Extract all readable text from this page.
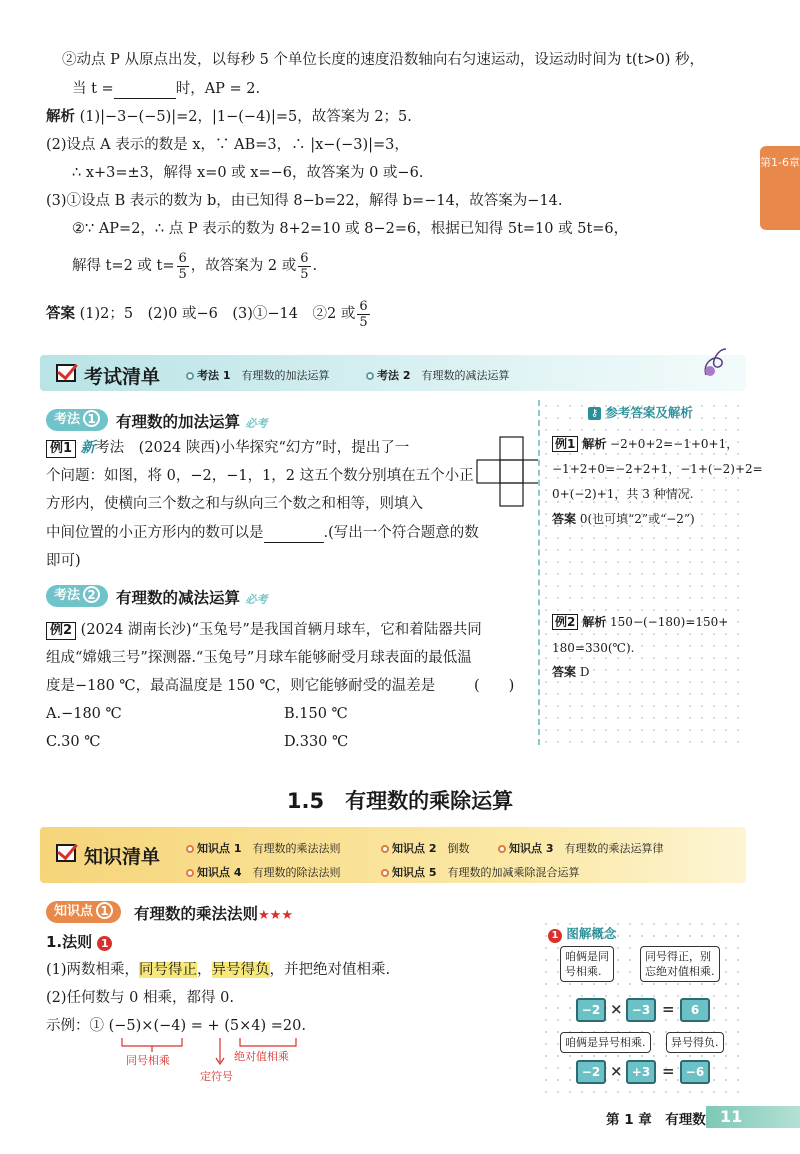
第1-6章
②动点 P 从原点出发，以每秒 5 个单位长度的速度沿数轴向右匀速运动，设运动时间为 t(t>0) 秒，
当 t =	时，AP = 2.
解析 (1)|−3−(−5)|=2，|1−(−4)|=5，故答案为 2；5.
(2)设点 A 表示的数是 x，∵ AB=3，∴ |x−(−3)|=3，
∴ x+3=±3，解得 x=0 或 x=−6，故答案为 0 或−6.
(3)①设点 B 表示的数为 b，由已知得 8−b=22，解得 b=−14，故答案为−14.
②∵ AP=2，∴ 点 P 表示的数为 8+2=10 或 8−2=6，根据已知得 5t=10 或 5t=6，
解得 t=2 或 $t= \frac{6}{5}$ ，故答案为 2 或 $\frac{6}{5}$ .
答案 (1)2；5　(2)0 或−6　(3)①−14　②2 或 $\frac{6}{5}$
考试清单	考法 1　 有理数的加法运算	考法 2　 有理数的减法运算
考法 1	有理数的加法运算 必考
例1 新考法　(2024 陕西)小华探究“幻方”时，提出了一
个问题：如图，将 0，−2，−1，1，2 这五个数分别填在五个小正
方形内，使横向三个数之和与纵向三个数之和相等，则填入
中间位置的小正方形内的数可以是	.(写出一个符合题意的数
即可)
考法 2	有理数的减法运算 必考
例2 (2024 湖南长沙)“玉兔号”是我国首辆月球车，它和着陆器共同
组成“嫦娥三号”探测器.“玉兔号”月球车能够耐受月球表面的最低温
度是−180 ℃，最高温度是 150 ℃，则它能够耐受的温差是	(　　)
A.−180 ℃	B.150 ℃
C.30 ℃	D.330 ℃
⚷ 参考答案及解析
例1 解析 −2+0+2=−1+0+1，
−1+2+0=−2+2+1，−1+(−2)+2=
0+(−2)+1，共 3 种情况.
答案 0(也可填“2”或“−2”)
例2 解析 150−(−180)=150+
180=330(℃).
答案 D
1.5　 有理数的乘除运算
知识清单	知识点 1　 有理数的乘法法则	知识点 2　 倒数	知识点 3　 有理数的乘法运算律
知识点 4　 有理数的除法法则	知识点 5　 有理数的加减乘除混合运算
知识点 1	有理数的乘法法则★★★
1.法则 1
(1)两数相乘，同号得正，异号得负，并把绝对值相乘.
(2)任何数与 0 相乘，都得 0.
示例：① (−5)×(−4) = + (5×4) =20.
同号相乘
定符号
绝对值相乘
1 图解概念
咱俩是同
号相乘.
同号得正，别
忘绝对值相乘.
−2 × −3 =	6
咱俩是异号相乘.	异号得负.
−2 × +3 = −6
第 1 章　有理数 11
